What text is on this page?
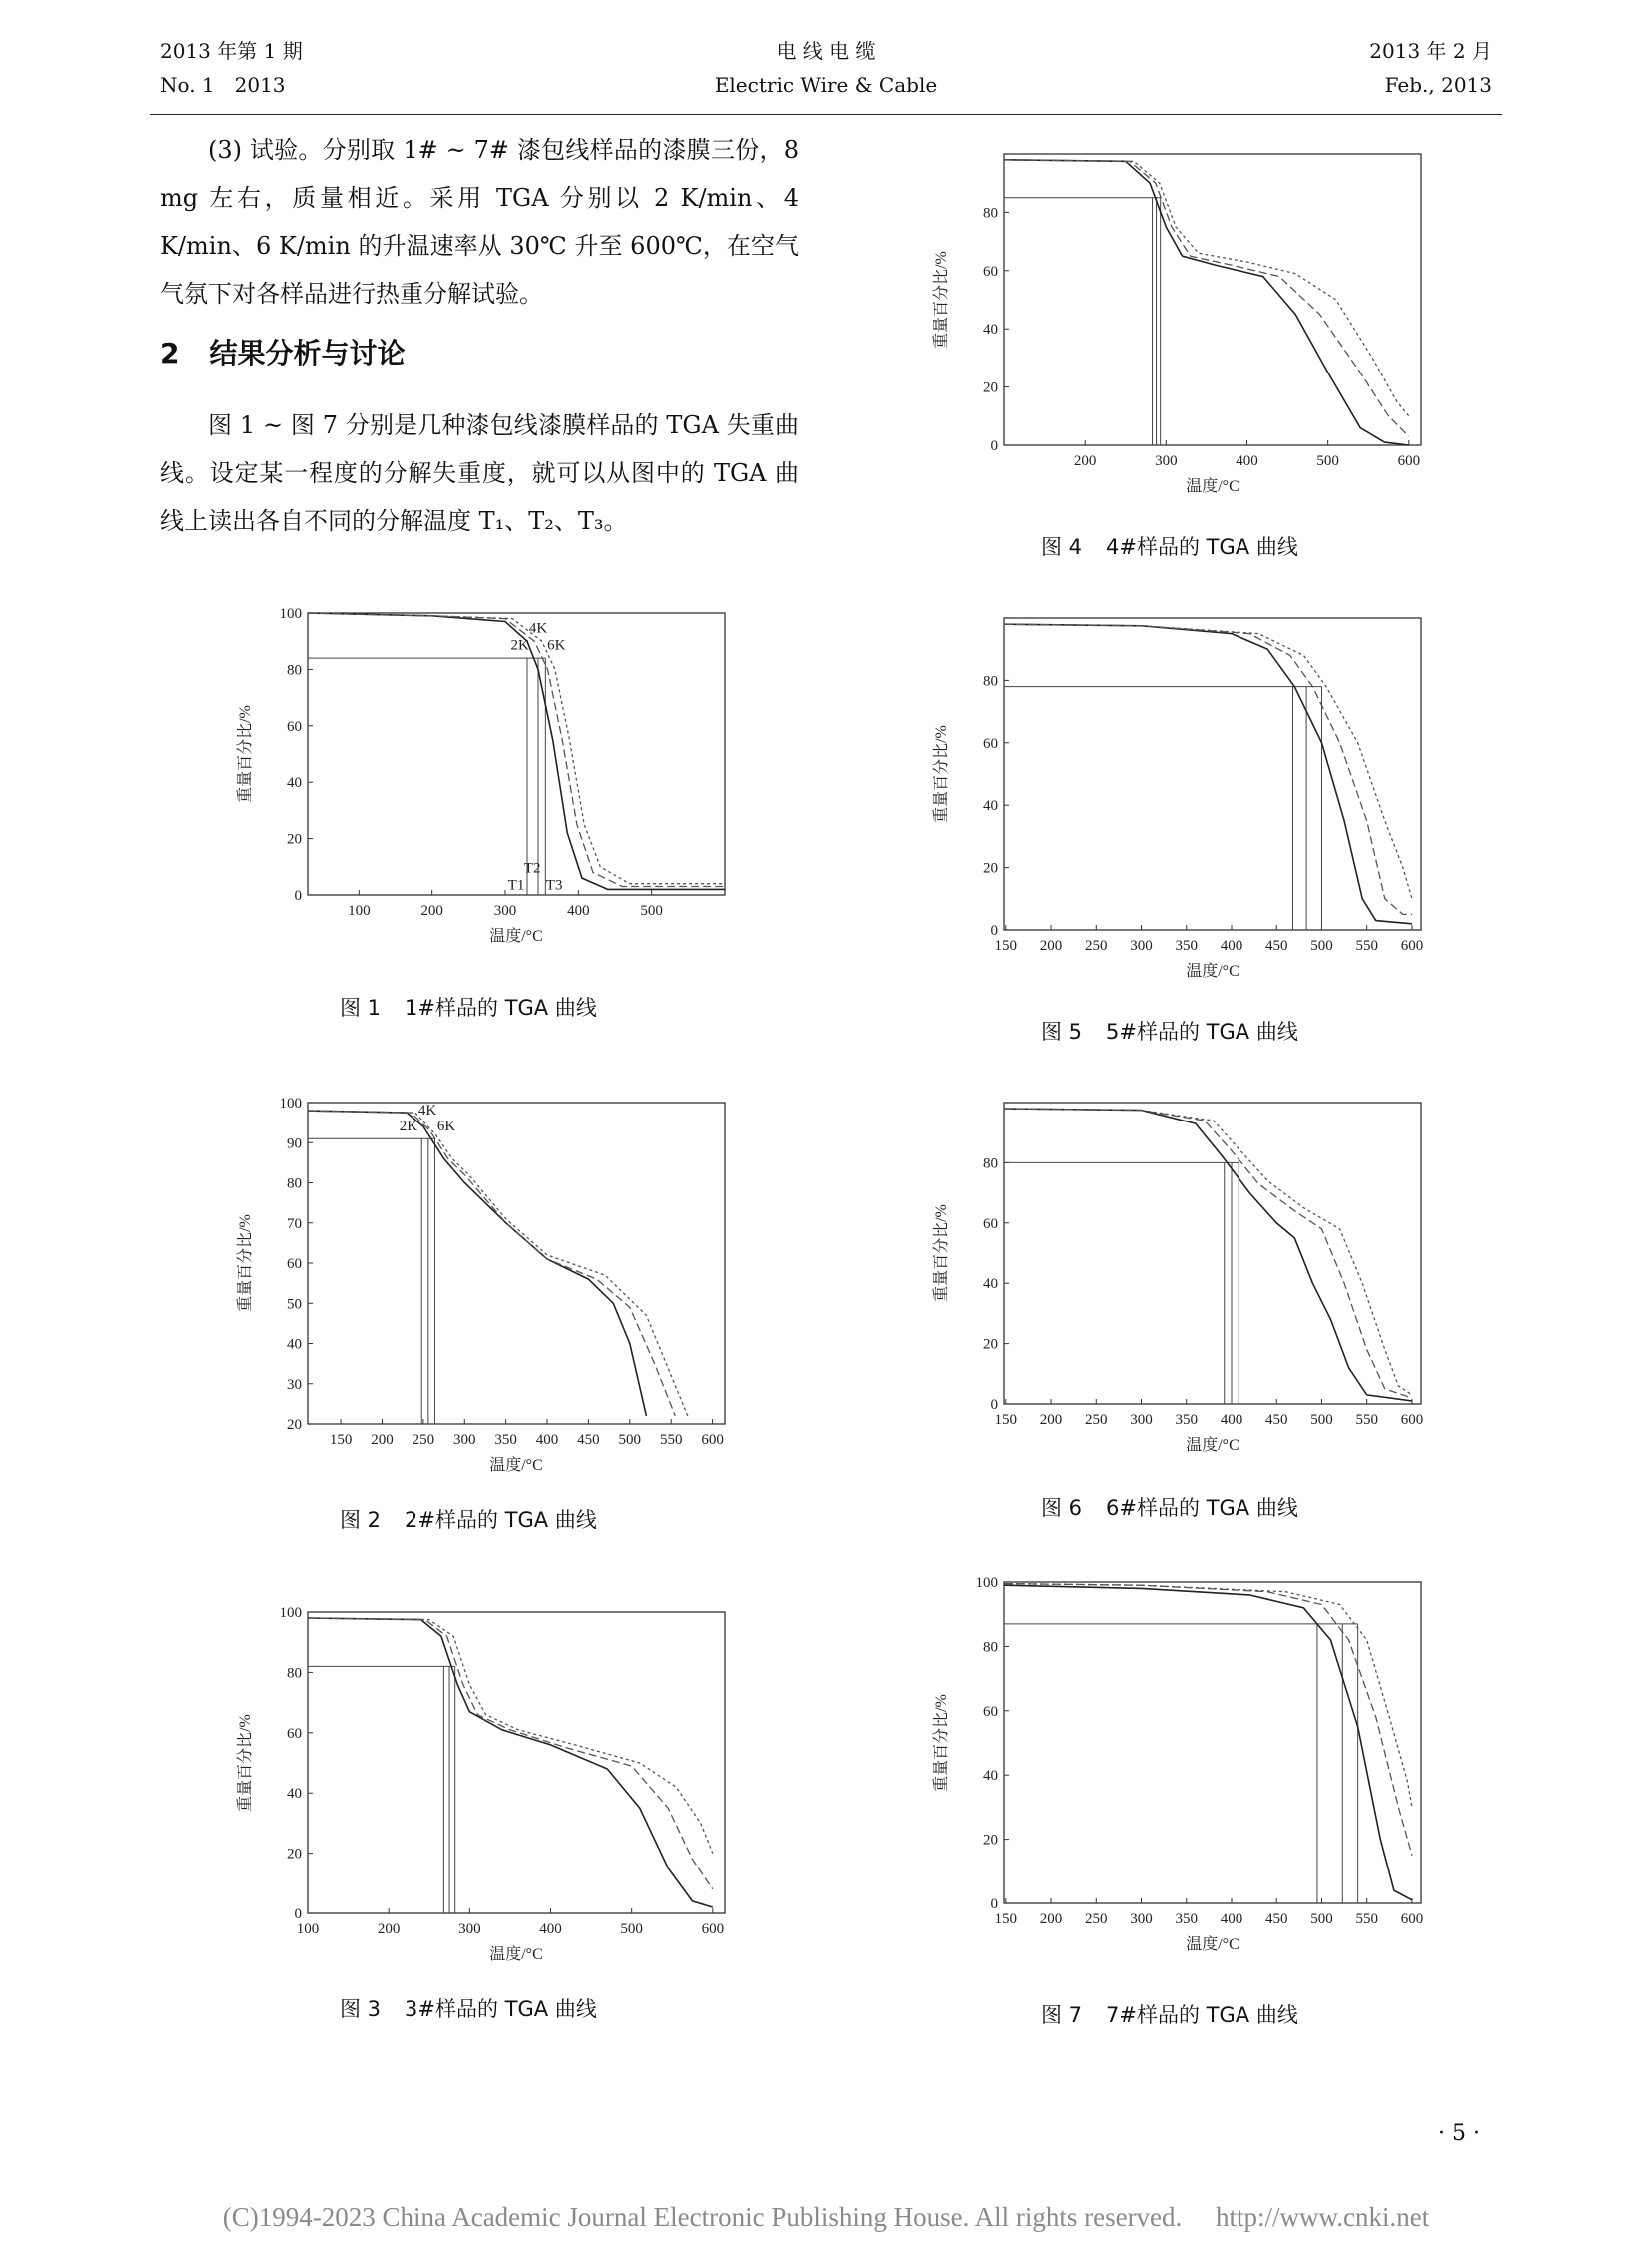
2013 年第 1 期
No. 1　2013
电 线 电 缆
Electric Wire & Cable
2013 年 2 月
Feb., 2013
(3) 试验。分别取 1# ~ 7# 漆包线样品的漆膜三份，8 mg 左右，质量相近。采用 TGA 分别以 2 K/min、4 K/min、6 K/min 的升温速率从 30℃ 升至 600℃，在空气气氛下对各样品进行热重分解试验。
2 结果分析与讨论
图 1 ~ 图 7 分别是几种漆包线漆膜样品的 TGA 失重曲线。设定某一程度的分解失重度，就可以从图中的 TGA 曲线上读出各自不同的分解温度 T₁、T₂、T₃。
100	200	300	400	500
0
20
40
60
80
100
温度/°C
重量百分比/%
2K
4K
6K
T1
T2
T3
图 1 1#样品的 TGA 曲线
150 200 250 300 350 400 450 500 550 600
20
30
40
50
60
70
80
90
100
温度/°C
重量百分比/%
2K
4K
6K
图 2 2#样品的 TGA 曲线
100	200	300	400	500	600
0
20
40
60
80
100
温度/°C
重量百分比/%
图 3 3#样品的 TGA 曲线
200	300	400	500	600
0
20
40
60
80
温度/°C
重量百分比/%
图 4 4#样品的 TGA 曲线
150 200 250 300 350 400 450 500 550 600
0
20
40
60
80
温度/°C
重量百分比/%
图 5 5#样品的 TGA 曲线
150 200 250 300 350 400 450 500 550 600
0
20
40
60
80
温度/°C
重量百分比/%
图 6 6#样品的 TGA 曲线
150 200 250 300 350 400 450 500 550 600
0
20
40
60
80
100
温度/°C
重量百分比/%
图 7 7#样品的 TGA 曲线
· 5 ·
(C)1994-2023 China Academic Journal Electronic Publishing House. All rights reserved.　 http://www.cnki.net
